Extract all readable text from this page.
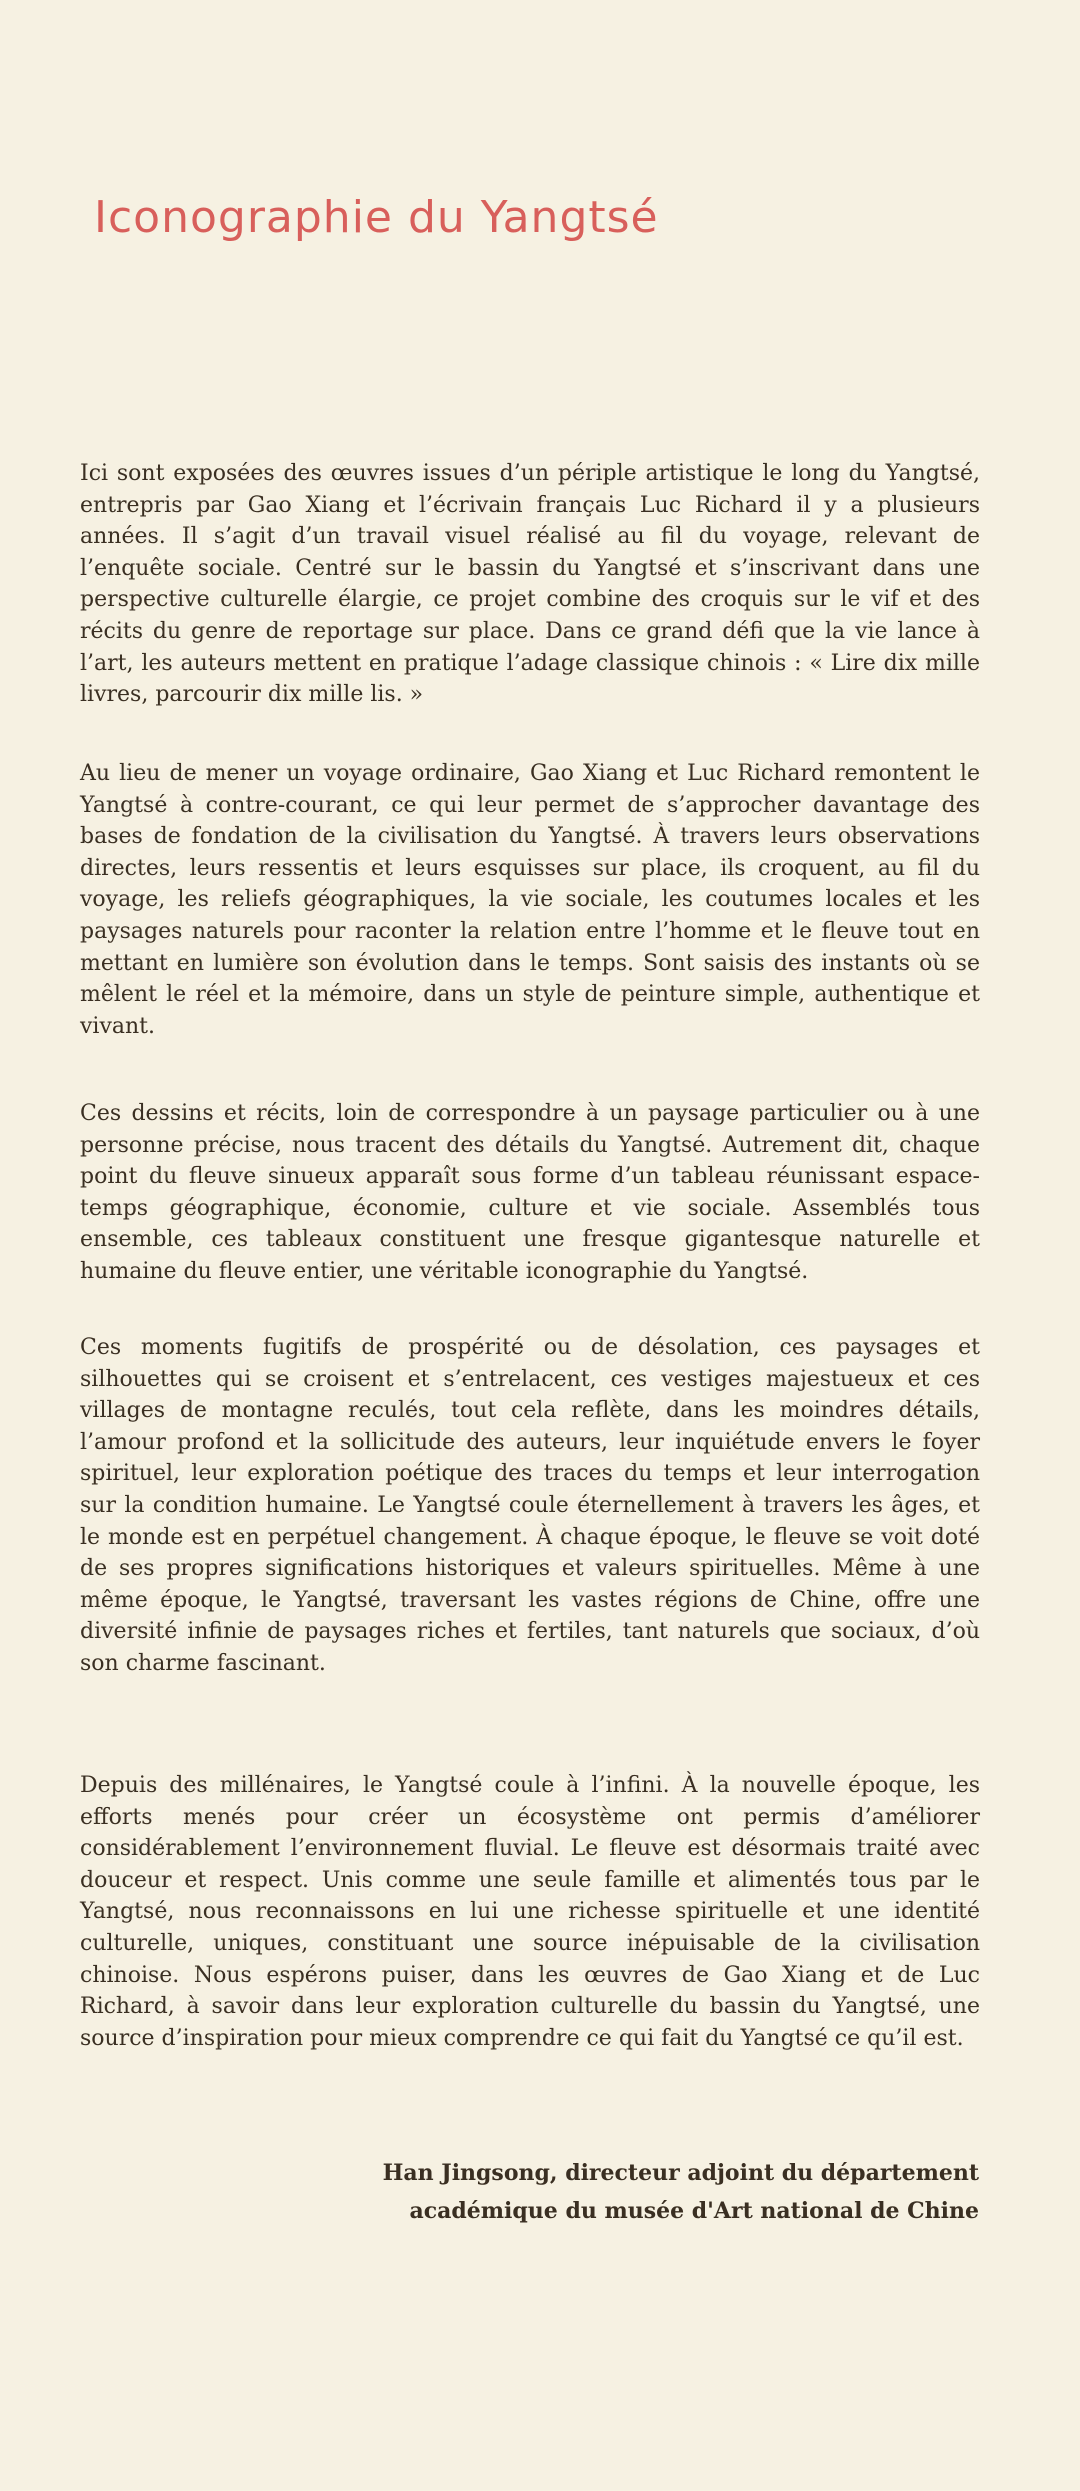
Iconographie du Yangtsé

Ici sont exposées des œuvres issues d’un périple artistique le long du Yangtsé, entrepris par Gao Xiang et l’écrivain français Luc Richard il y a plusieurs années. Il s’agit d’un travail visuel réalisé au fil du voyage, relevant de l’enquête sociale. Centré sur le bassin du Yangtsé et s’inscrivant dans une perspective culturelle élargie, ce projet combine des croquis sur le vif et des récits du genre de reportage sur place. Dans ce grand défi que la vie lance à l’art, les auteurs mettent en pratique l’adage classique chinois : « Lire dix mille livres, parcourir dix mille lis. »

Au lieu de mener un voyage ordinaire, Gao Xiang et Luc Richard remontent le Yangtsé à contre-courant, ce qui leur permet de s’approcher davantage des bases de fondation de la civilisation du Yangtsé. À travers leurs observations directes, leurs ressentis et leurs esquisses sur place, ils croquent, au fil du voyage, les reliefs géographiques, la vie sociale, les coutumes locales et les paysages naturels pour raconter la relation entre l’homme et le fleuve tout en mettant en lumière son évolution dans le temps. Sont saisis des instants où se mêlent le réel et la mémoire, dans un style de peinture simple, authentique et vivant.

Ces dessins et récits, loin de correspondre à un paysage particulier ou à une personne précise, nous tracent des détails du Yangtsé. Autrement dit, chaque point du fleuve sinueux apparaît sous forme d’un tableau réunissant espace-temps géographique, économie, culture et vie sociale. Assemblés tous ensemble, ces tableaux constituent une fresque gigantesque naturelle et humaine du fleuve entier, une véritable iconographie du Yangtsé.

Ces moments fugitifs de prospérité ou de désolation, ces paysages et silhouettes qui se croisent et s’entrelacent, ces vestiges majestueux et ces villages de montagne reculés, tout cela reflète, dans les moindres détails, l’amour profond et la sollicitude des auteurs, leur inquiétude envers le foyer spirituel, leur exploration poétique des traces du temps et leur interrogation sur la condition humaine. Le Yangtsé coule éternellement à travers les âges, et le monde est en perpétuel changement. À chaque époque, le fleuve se voit doté de ses propres significations historiques et valeurs spirituelles. Même à une même époque, le Yangtsé, traversant les vastes régions de Chine, offre une diversité infinie de paysages riches et fertiles, tant naturels que sociaux, d’où son charme fascinant.

Depuis des millénaires, le Yangtsé coule à l’infini. À la nouvelle époque, les efforts menés pour créer un écosystème ont permis d’améliorer considérablement l’environnement fluvial. Le fleuve est désormais traité avec douceur et respect. Unis comme une seule famille et alimentés tous par le Yangtsé, nous reconnaissons en lui une richesse spirituelle et une identité culturelle, uniques, constituant une source inépuisable de la civilisation chinoise. Nous espérons puiser, dans les œuvres de Gao Xiang et de Luc Richard, à savoir dans leur exploration culturelle du bassin du Yangtsé, une source d’inspiration pour mieux comprendre ce qui fait du Yangtsé ce qu’il est.

Han Jingsong, directeur adjoint du département
académique du musée d'Art national de Chine
